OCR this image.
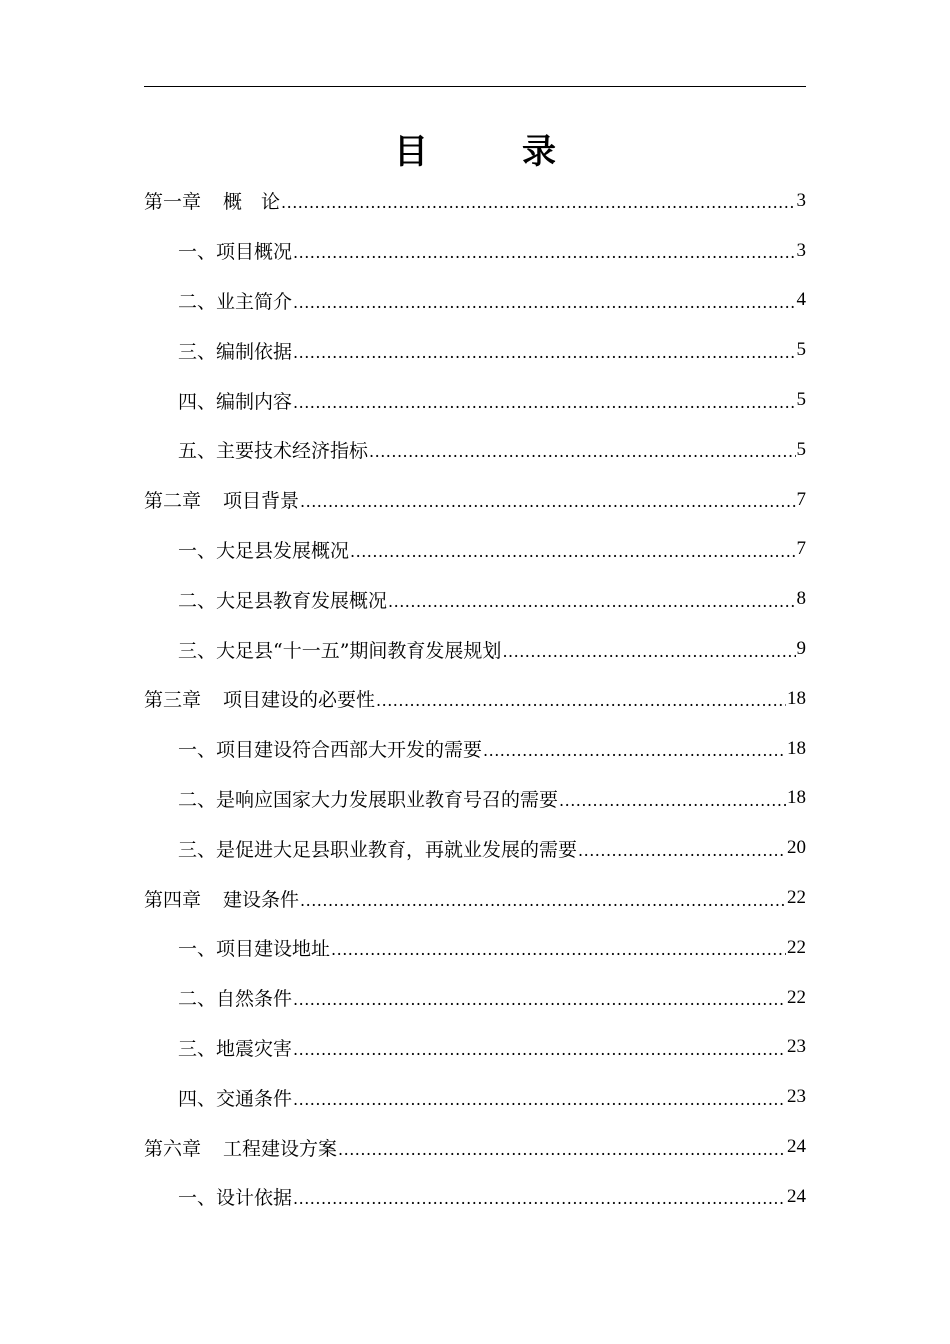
目　录
第一章 概　论 .....	3
一、项目概况 .....	3
二、业主简介 .....	4
三、编制依据 .....	5
四、编制内容 .....	5
五、主要技术经济指标 .....	5
第二章 项目背景 .....	7
一、大足县发展概况 .....	7
二、大足县教育发展概况 .....	8
三、大足县“十一五”期间教育发展规划 .....	9
第三章 项目建设的必要性 .....	18
一、项目建设符合西部大开发的需要 .....	18
二、是响应国家大力发展职业教育号召的需要 .....	18
三、是促进大足县职业教育，再就业发展的需要 .....	20
第四章 建设条件 .....	22
一、项目建设地址 .....	22
二、自然条件 .....	22
三、地震灾害 .....	23
四、交通条件 .....	23
第六章 工程建设方案 .....	24
一、设计依据 .....	24
